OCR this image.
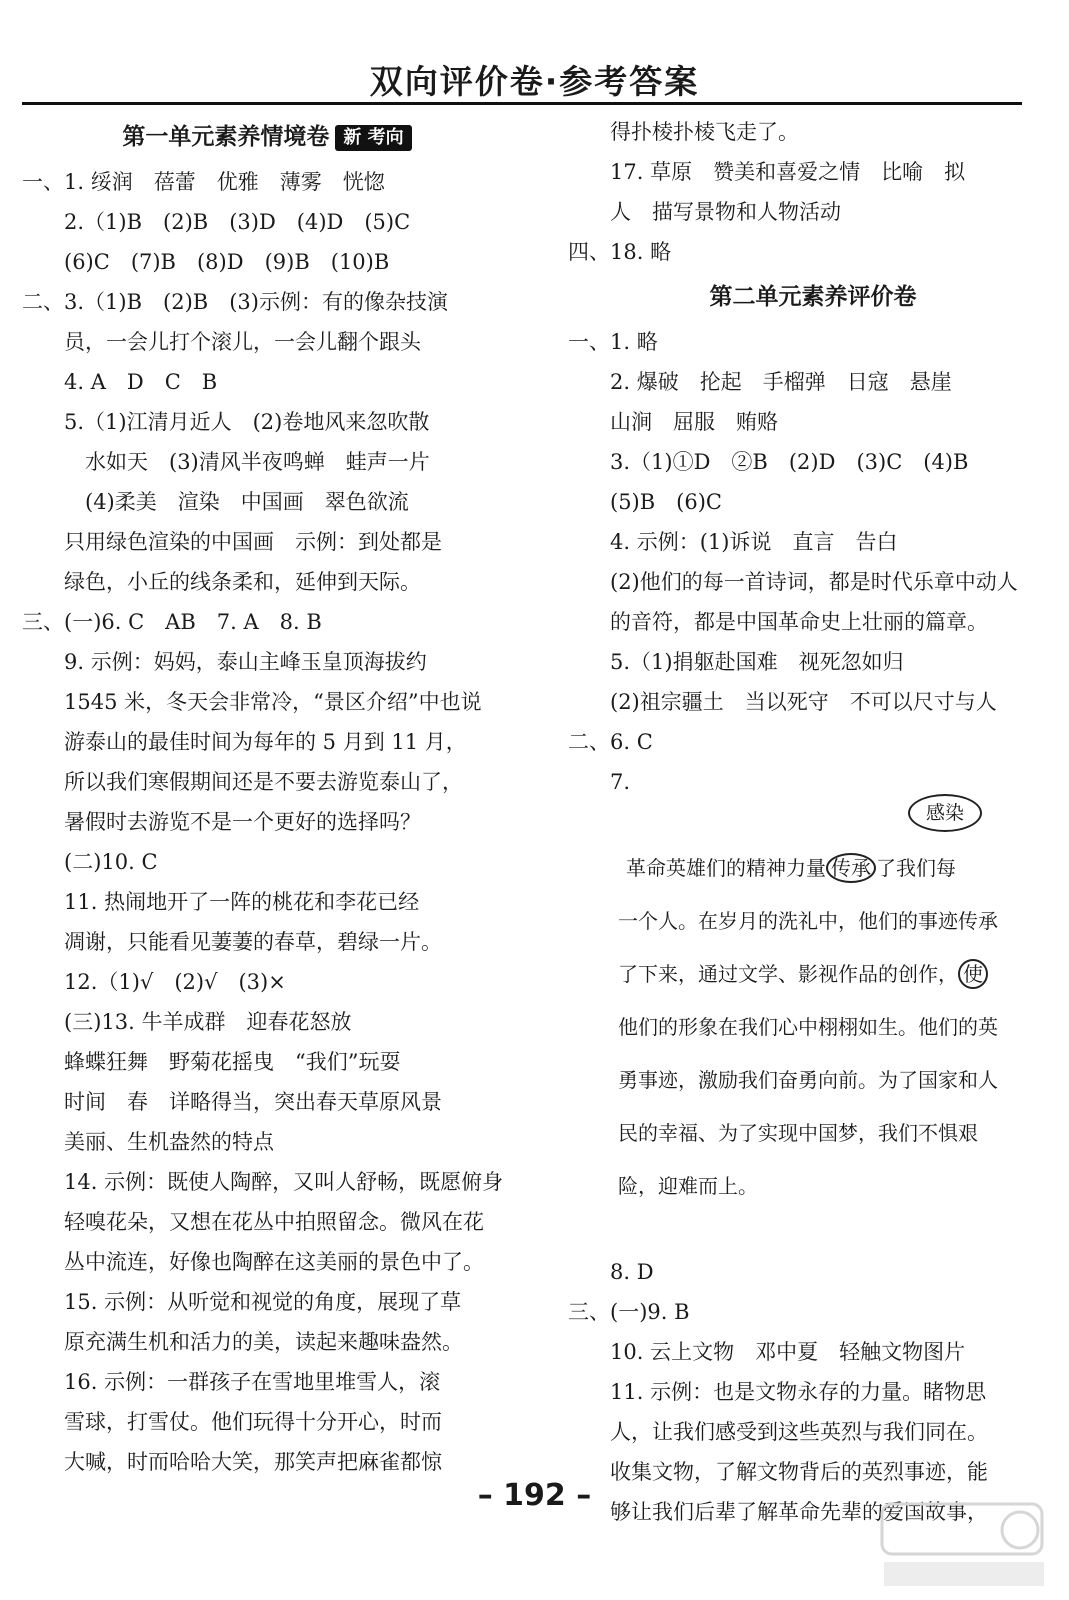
双向评价卷·参考答案
第一单元素养情境卷 新 考向
一、1. 绥润　蓓蕾　优雅　薄雾　恍惚
　　2.（1)B　(2)B　(3)D　(4)D　(5)C
　　(6)C　(7)B　(8)D　(9)B　(10)B
二、3.（1)B　(2)B　(3)示例：有的像杂技演
　　员，一会儿打个滚儿，一会儿翻个跟头
　　4. A　D　C　B
　　5.（1)江清月近人　(2)卷地风来忽吹散
　　　水如天　(3)清风半夜鸣蝉　蛙声一片
　　　(4)柔美　渲染　中国画　翠色欲流
　　只用绿色渲染的中国画　示例：到处都是
　　绿色，小丘的线条柔和，延伸到天际。
三、(一)6. C　AB　7. A　8. B
　　9. 示例：妈妈，泰山主峰玉皇顶海拔约
　　1545 米，冬天会非常冷，“景区介绍”中也说
　　游泰山的最佳时间为每年的 5 月到 11 月，
　　所以我们寒假期间还是不要去游览泰山了，
　　暑假时去游览不是一个更好的选择吗？
　　(二)10. C
　　11. 热闹地开了一阵的桃花和李花已经
　　凋谢，只能看见萋萋的春草，碧绿一片。
　　12.（1)√　(2)√　(3)×
　　(三)13. 牛羊成群　迎春花怒放
　　蜂蝶狂舞　野菊花摇曳　“我们”玩耍
　　时间　春　详略得当，突出春天草原风景
　　美丽、生机盎然的特点
　　14. 示例：既使人陶醉，又叫人舒畅，既愿俯身
　　轻嗅花朵，又想在花丛中拍照留念。微风在花
　　丛中流连，好像也陶醉在这美丽的景色中了。
　　15. 示例：从听觉和视觉的角度，展现了草
　　原充满生机和活力的美，读起来趣味盎然。
　　16. 示例：一群孩子在雪地里堆雪人，滚
　　雪球，打雪仗。他们玩得十分开心，时而
　　大喊，时而哈哈大笑，那笑声把麻雀都惊
　　得扑棱扑棱飞走了。
　　17. 草原　赞美和喜爱之情　比喻　拟
　　人　描写景物和人物活动
四、18. 略
第二单元素养评价卷
一、1. 略
　　2. 爆破　抡起　手榴弹　日寇　悬崖
　　山涧　屈服　贿赂
　　3.（1)①D　②B　(2)D　(3)C　(4)B
　　(5)B　(6)C
　　4. 示例：(1)诉说　直言　告白
　　(2)他们的每一首诗词，都是时代乐章中动人
　　的音符，都是中国革命史上壮丽的篇章。
　　5.（1)捐躯赴国难　视死忽如归
　　(2)祖宗疆土　当以死守　不可以尺寸与人
二、6. C
　　7.
感染
革命英雄们的精神力量 传承 了我们每
一个人。在岁月的洗礼中，他们的事迹传承
了下来，通过文学、影视作品的创作， 使
他们的形象在我们心中栩栩如生。他们的英
勇事迹，激励我们奋勇向前。为了国家和人
民的幸福、为了实现中国梦，我们不惧艰
险，迎难而上。
　　8. D
三、(一)9. B
　　10. 云上文物　邓中夏　轻触文物图片
　　11. 示例：也是文物永存的力量。睹物思
　　人，让我们感受到这些英烈与我们同在。
　　收集文物，了解文物背后的英烈事迹，能
　　够让我们后辈了解革命先辈的爱国故事，
– 192 –
